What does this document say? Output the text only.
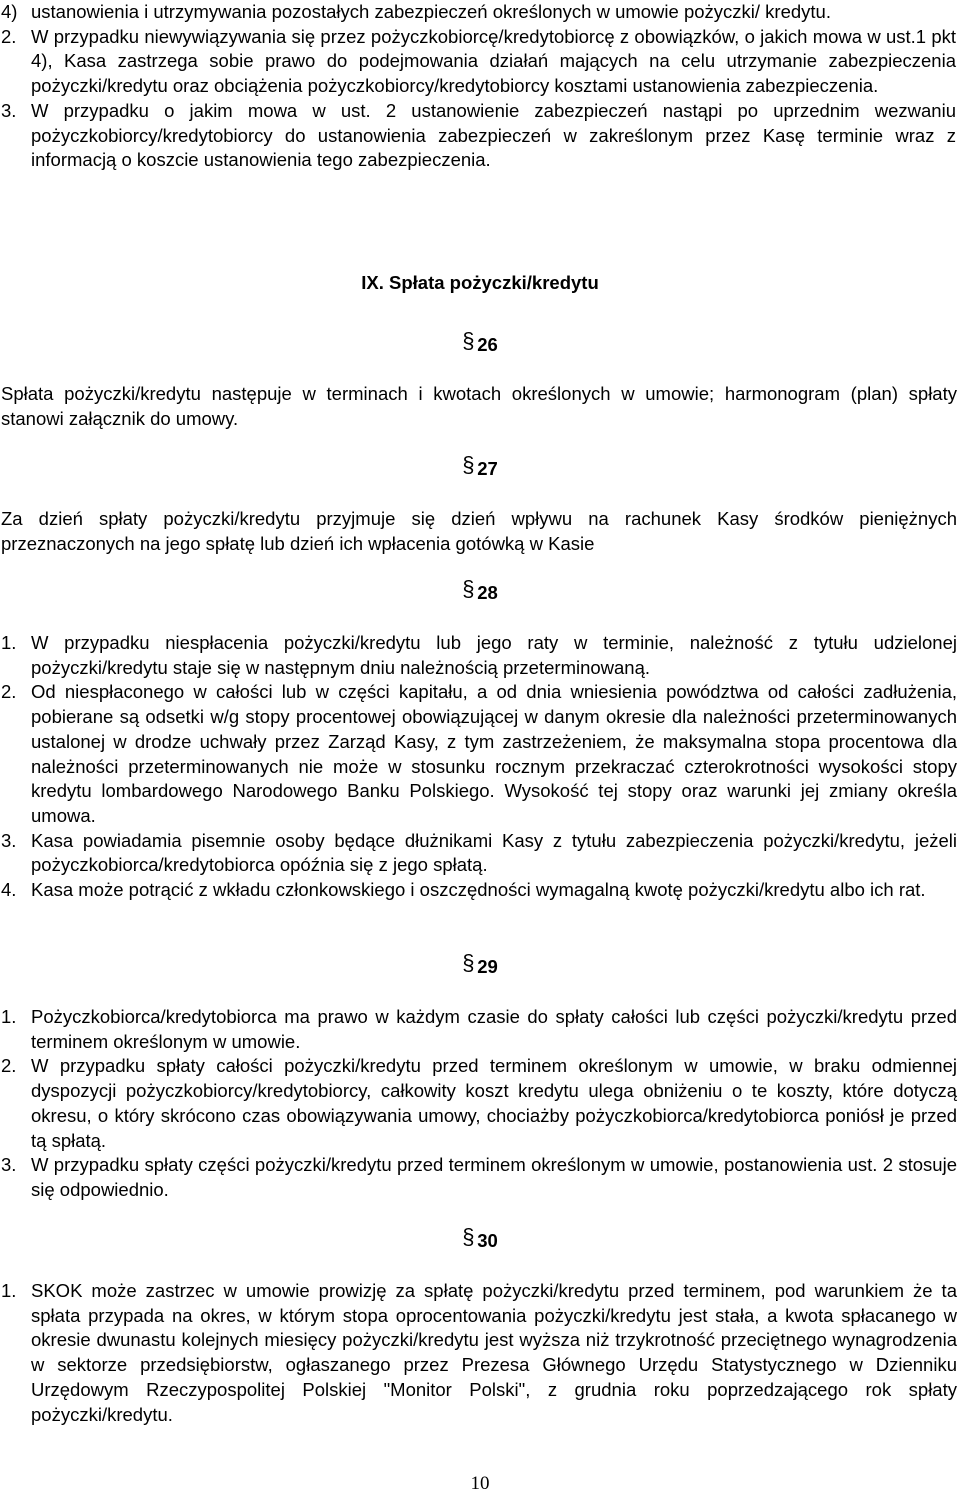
4) ustanowienia i utrzymywania pozostałych zabezpieczeń określonych w umowie pożyczki/ kredytu.
2. W przypadku niewywiązywania się przez pożyczkobiorcę/kredytobiorcę z obowiązków, o jakich mowa w ust.1 pkt 4), Kasa zastrzega sobie prawo do podejmowania działań mających na celu utrzymanie zabezpieczenia pożyczki/kredytu oraz obciążenia pożyczkobiorcy/kredytobiorcy kosztami ustanowienia zabezpieczenia.
3. W przypadku o jakim mowa w ust. 2 ustanowienie zabezpieczeń nastąpi po uprzednim wezwaniu pożyczkobiorcy/kredytobiorcy do ustanowienia zabezpieczeń w zakreślonym przez Kasę terminie wraz z informacją o koszcie ustanowienia tego zabezpieczenia.
IX. Spłata pożyczki/kredytu
§ 26

Spłata pożyczki/kredytu następuje w terminach i kwotach określonych w umowie; harmonogram (plan) spłaty stanowi załącznik do umowy.

§ 27

Za dzień spłaty pożyczki/kredytu przyjmuje się dzień wpływu na rachunek Kasy środków pieniężnych przeznaczonych na jego spłatę lub dzień ich wpłacenia gotówką w Kasie

§ 28
1. W przypadku niespłacenia pożyczki/kredytu lub jego raty w terminie, należność z tytułu udzielonej pożyczki/kredytu staje się w następnym dniu należnością przeterminowaną.
2. Od niespłaconego w całości lub w części kapitału, a od dnia wniesienia powództwa od całości zadłużenia, pobierane są odsetki w/g stopy procentowej obowiązującej w danym okresie dla należności przeterminowanych ustalonej w drodze uchwały przez Zarząd Kasy, z tym zastrzeżeniem, że maksymalna stopa procentowa dla należności przeterminowanych nie może w stosunku rocznym przekraczać czterokrotności wysokości stopy kredytu lombardowego Narodowego Banku Polskiego. Wysokość tej stopy oraz warunki jej zmiany określa umowa.
3. Kasa powiadamia pisemnie osoby będące dłużnikami Kasy z tytułu zabezpieczenia pożyczki/kredytu, jeżeli pożyczkobiorca/kredytobiorca opóźnia się z jego spłatą.
4. Kasa może potrącić z wkładu członkowskiego i oszczędności wymagalną kwotę pożyczki/kredytu albo ich rat.
§ 29
1. Pożyczkobiorca/kredytobiorca ma prawo w każdym czasie do spłaty całości lub części pożyczki/kredytu przed terminem określonym w umowie.
2. W przypadku spłaty całości pożyczki/kredytu przed terminem określonym w umowie, w braku odmiennej dyspozycji pożyczkobiorcy/kredytobiorcy, całkowity koszt kredytu ulega obniżeniu o te koszty, które dotyczą okresu, o który skrócono czas obowiązywania umowy, chociażby pożyczkobiorca/kredytobiorca poniósł je przed tą spłatą.
3. W przypadku spłaty części pożyczki/kredytu przed terminem określonym w umowie, postanowienia ust. 2 stosuje się odpowiednio.
§ 30
1. SKOK może zastrzec w umowie prowizję za spłatę pożyczki/kredytu przed terminem, pod warunkiem że ta spłata przypada na okres, w którym stopa oprocentowania pożyczki/kredytu jest stała, a kwota spłacanego w okresie dwunastu kolejnych miesięcy pożyczki/kredytu jest wyższa niż trzykrotność przeciętnego wynagrodzenia w sektorze przedsiębiorstw, ogłaszanego przez Prezesa Głównego Urzędu Statystycznego w Dzienniku Urzędowym Rzeczypospolitej Polskiej "Monitor Polski", z grudnia roku poprzedzającego rok spłaty pożyczki/kredytu.
10
